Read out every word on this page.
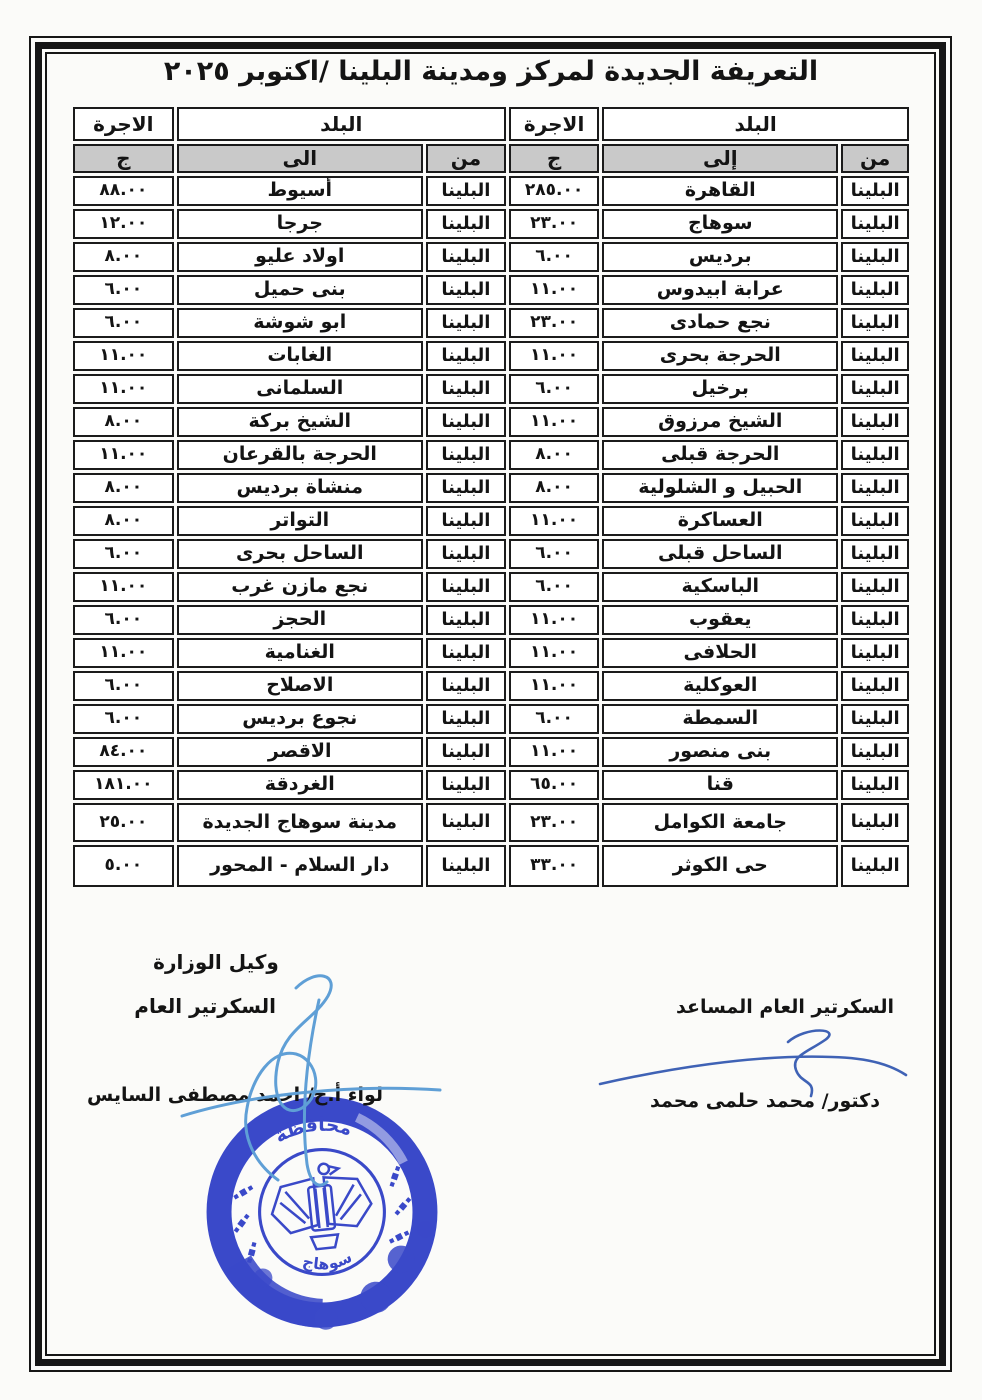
التعريفة الجديدة لمركز ومدينة البلينا /اكتوبر ٢٠٢٥
البلد		الاجرة	البلد		الاجرة
من	إلى	ج	من	الى	ج
البلينا	القاهرة	٢٨٥.٠٠	البلينا	أسيوط	٨٨.٠٠
البلينا	سوهاج	٢٣.٠٠	البلينا	جرجا	١٢.٠٠
البلينا	برديس	٦.٠٠	البلينا	اولاد عليو	٨.٠٠
البلينا	عرابة ابيدوس	١١.٠٠	البلينا	بنى حميل	٦.٠٠
البلينا	نجع حمادى	٢٣.٠٠	البلينا	ابو شوشة	٦.٠٠
البلينا	الحرجة بحرى	١١.٠٠	البلينا	الغابات	١١.٠٠
البلينا	برخيل	٦.٠٠	البلينا	السلمانى	١١.٠٠
البلينا	الشيخ مرزوق	١١.٠٠	البلينا	الشيخ بركة	٨.٠٠
البلينا	الحرجة قبلى	٨.٠٠	البلينا	الحرجة بالقرعان	١١.٠٠
البلينا	الحبيل و الشلولية	٨.٠٠	البلينا	منشاة برديس	٨.٠٠
البلينا	العساكرة	١١.٠٠	البلينا	التواتر	٨.٠٠
البلينا	الساحل قبلى	٦.٠٠	البلينا	الساحل بحرى	٦.٠٠
البلينا	الباسكية	٦.٠٠	البلينا	نجع مازن غرب	١١.٠٠
البلينا	يعقوب	١١.٠٠	البلينا	الحجز	٦.٠٠
البلينا	الحلافى	١١.٠٠	البلينا	الغنامية	١١.٠٠
البلينا	العوكلية	١١.٠٠	البلينا	الاصلاح	٦.٠٠
البلينا	السمطة	٦.٠٠	البلينا	نجوع برديس	٦.٠٠
البلينا	بنى منصور	١١.٠٠	البلينا	الاقصر	٨٤.٠٠
البلينا	قنا	٦٥.٠٠	البلينا	الغردقة	١٨١.٠٠
البلينا	جامعة الكوامل	٢٣.٠٠	البلينا	مدينة سوهاج الجديدة	٢٥.٠٠
البلينا	حى الكوثر	٣٣.٠٠	البلينا	دار السلام - المحور	٥.٠٠
وكيل الوزارة
السكرتير العام
لواء أ.ح/ احمد مصطفى السايس
السكرتير العام المساعد
دكتور/ محمد حلمى محمد
محافظة
سوهاج
